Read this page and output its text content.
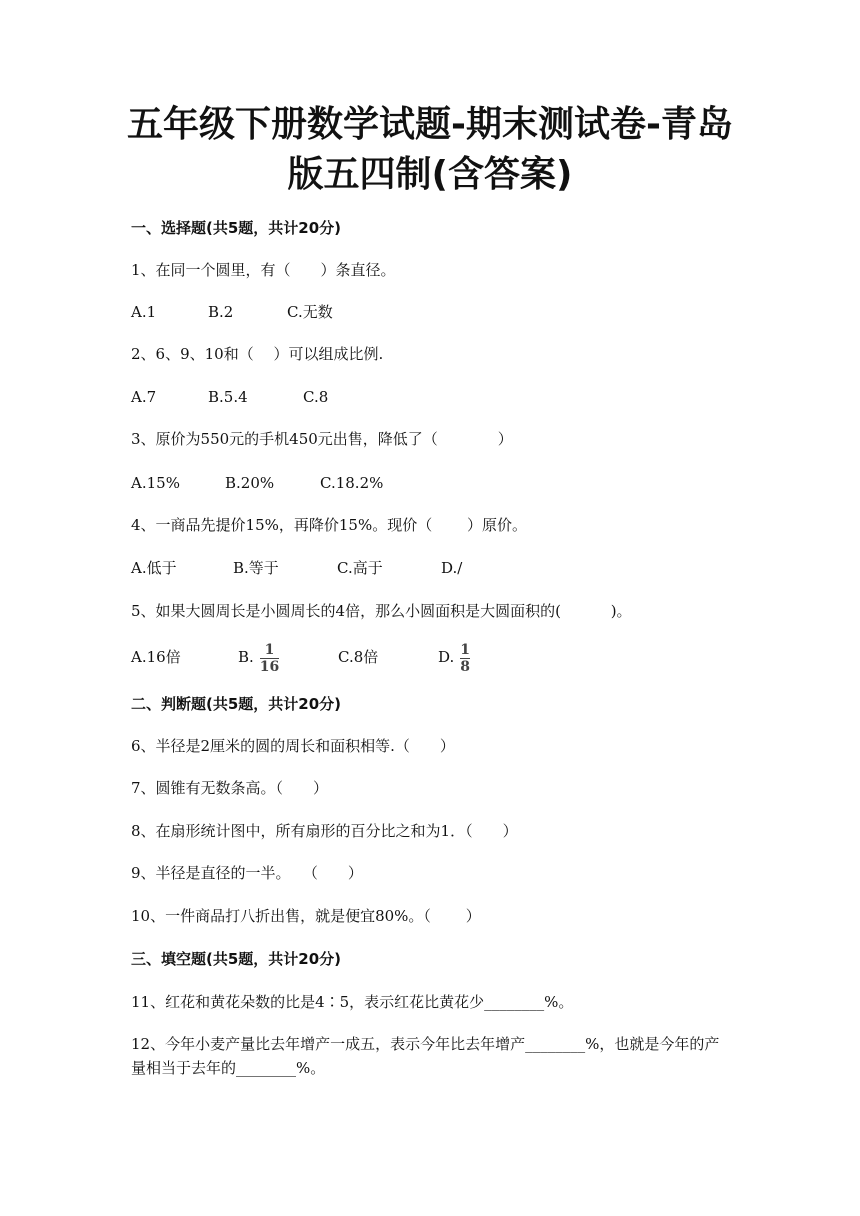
五年级下册数学试题-期末测试卷-青岛
版五四制(含答案)
一、选择题(共5题，共计20分)
1、在同一个圆里，有（　　）条直径。
A.1	B.2	C.无数
2、6、9、10和（　 ）可以组成比例.
A.7	B.5.4	C.8
3、原价为550元的手机450元出售，降低了（　　　　）
A.15%	B.20%	C.18.2%
4、一商品先提价15%，再降价15%。现价（　　 ）原价。
A.低于	B.等于	C.高于	D./
5、如果大圆周长是小圆周长的4倍，那么小圆面积是大圆面积的(　　　 )。
A.16倍	B. $\frac{1}{16}$	C.8倍	D. $\frac{1}{8}$
二、判断题(共5题，共计20分)
6、半径是2厘米的圆的周长和面积相等.（　　）
7、圆锥有无数条高。（　　）
8、在扇形统计图中，所有扇形的百分比之和为1．（　　）
9、半径是直径的一半。　 （　　）
10、一件商品打八折出售，就是便宜80%。（　　 ）
三、填空题(共5题，共计20分)
11、红花和黄花朵数的比是4∶5，表示红花比黄花少________%。
12、今年小麦产量比去年增产一成五，表示今年比去年增产________%，也就是今年的产量相当于去年的________%。
